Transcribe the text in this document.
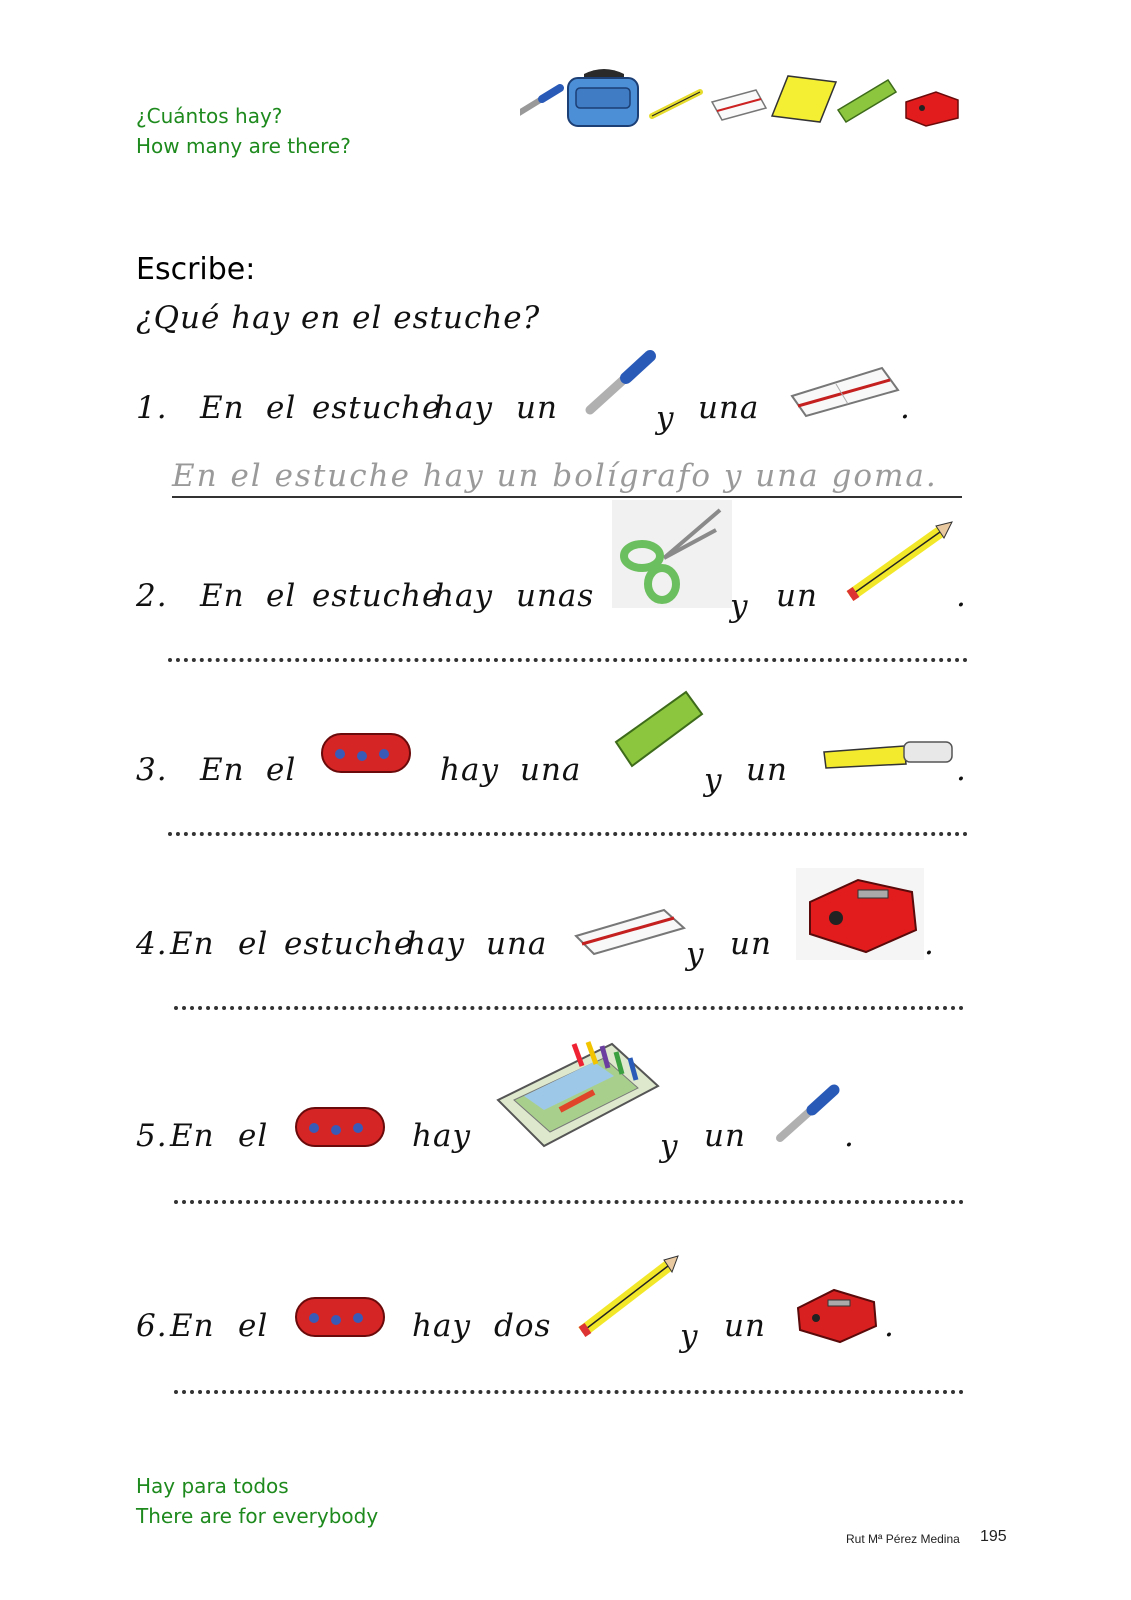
¿Cuántos hay?
How many are there?
Escribe:
¿Qué hay en el estuche?
1. En el estuche
hay un	y una	.
En el estuche hay un bolígrafo y una goma.
2. En el estuche
hay unas	y un	.
3. En el	hay una	y un	.
4. En el estuche
hay una	y un	.
5. En el	hay	y un	.
6. En el	hay dos	y un	.
Hay para todos
There are for everybody
Rut Mª Pérez Medina 195
